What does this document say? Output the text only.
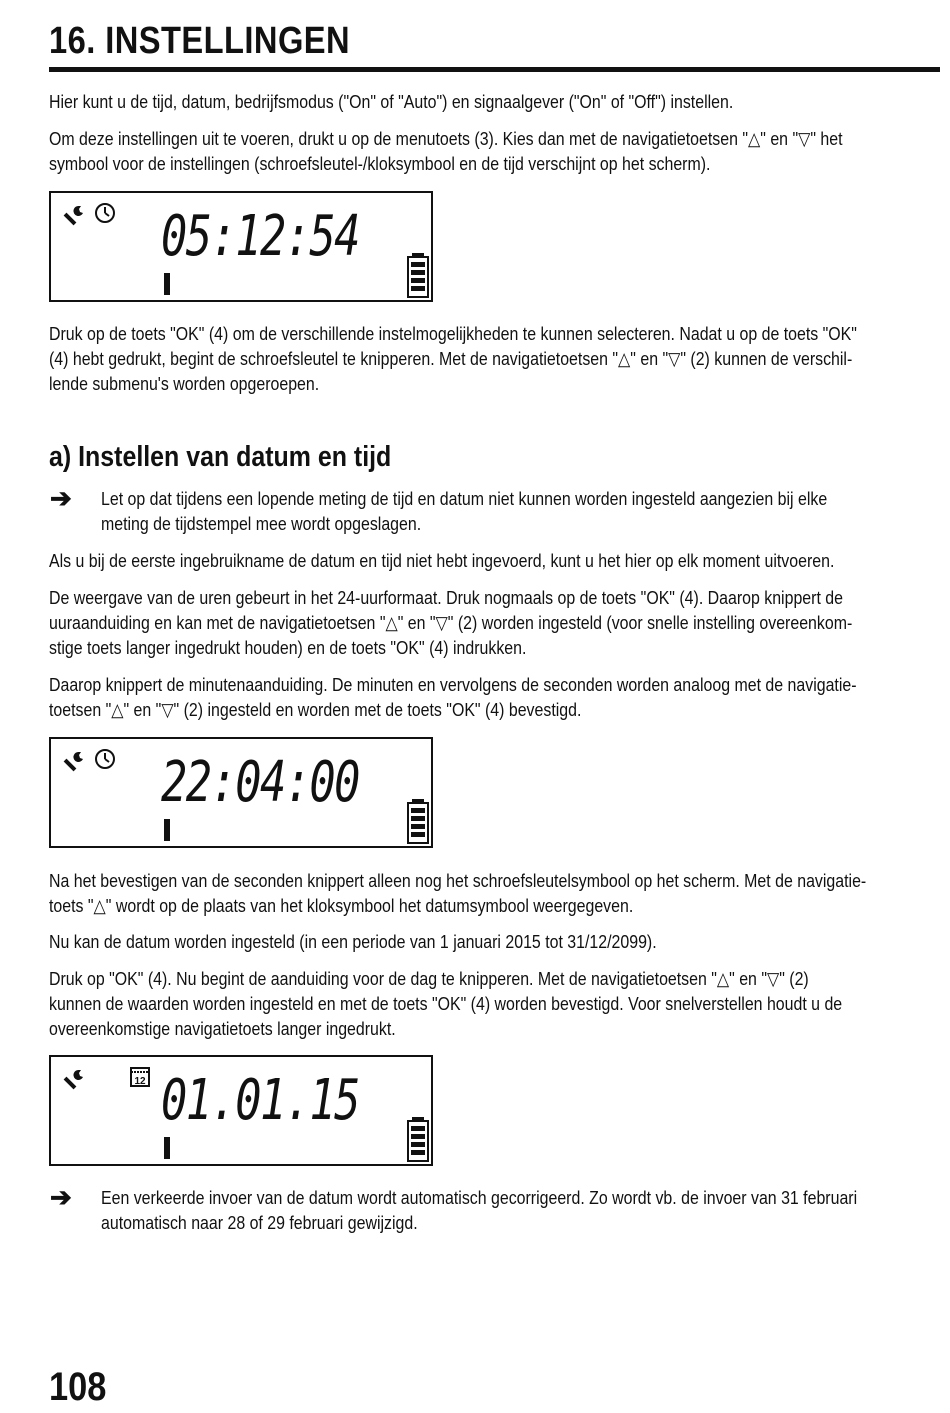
16. INSTELLINGEN
Hier kunt u de tijd, datum, bedrijfsmodus ("On" of "Auto") en signaalgever ("On" of "Off") instellen.
Om deze instellingen uit te voeren, drukt u op de menutoets (3). Kies dan met de navigatietoetsen "△" en "▽" het
symbool voor de instellingen (schroefsleutel-/kloksymbool en de tijd verschijnt op het scherm).
05:12:54
Druk op de toets "OK" (4) om de verschillende instelmogelijkheden te kunnen selecteren. Nadat u op de toets "OK"
(4) hebt gedrukt, begint de schroefsleutel te knipperen. Met de navigatietoetsen "△" en "▽" (2) kunnen de verschil-
lende submenu's worden opgeroepen.
a) Instellen van datum en tijd
➔ Let op dat tijdens een lopende meting de tijd en datum niet kunnen worden ingesteld aangezien bij elke
meting de tijdstempel mee wordt opgeslagen.
Als u bij de eerste ingebruikname de datum en tijd niet hebt ingevoerd, kunt u het hier op elk moment uitvoeren.
De weergave van de uren gebeurt in het 24-uurformaat. Druk nogmaals op de toets "OK" (4). Daarop knippert de
uuraanduiding en kan met de navigatietoetsen "△" en "▽" (2) worden ingesteld (voor snelle instelling overeenkom-
stige toets langer ingedrukt houden) en de toets "OK" (4) indrukken.
Daarop knippert de minutenaanduiding. De minuten en vervolgens de seconden worden analoog met de navigatie-
toetsen "△" en "▽" (2) ingesteld en worden met de toets "OK" (4) bevestigd.
22:04:00
Na het bevestigen van de seconden knippert alleen nog het schroefsleutelsymbool op het scherm. Met de navigatie-
toets "△" wordt op de plaats van het kloksymbool het datumsymbool weergegeven.
Nu kan de datum worden ingesteld (in een periode van 1 januari 2015 tot 31/12/2099).
Druk op "OK" (4). Nu begint de aanduiding voor de dag te knipperen. Met de navigatietoetsen "△" en "▽" (2)
kunnen de waarden worden ingesteld en met de toets "OK" (4) worden bevestigd. Voor snelverstellen houdt u de
overeenkomstige navigatietoets langer ingedrukt.
12 01.01.15
➔ Een verkeerde invoer van de datum wordt automatisch gecorrigeerd. Zo wordt vb. de invoer van 31 februari
automatisch naar 28 of 29 februari gewijzigd.
108
